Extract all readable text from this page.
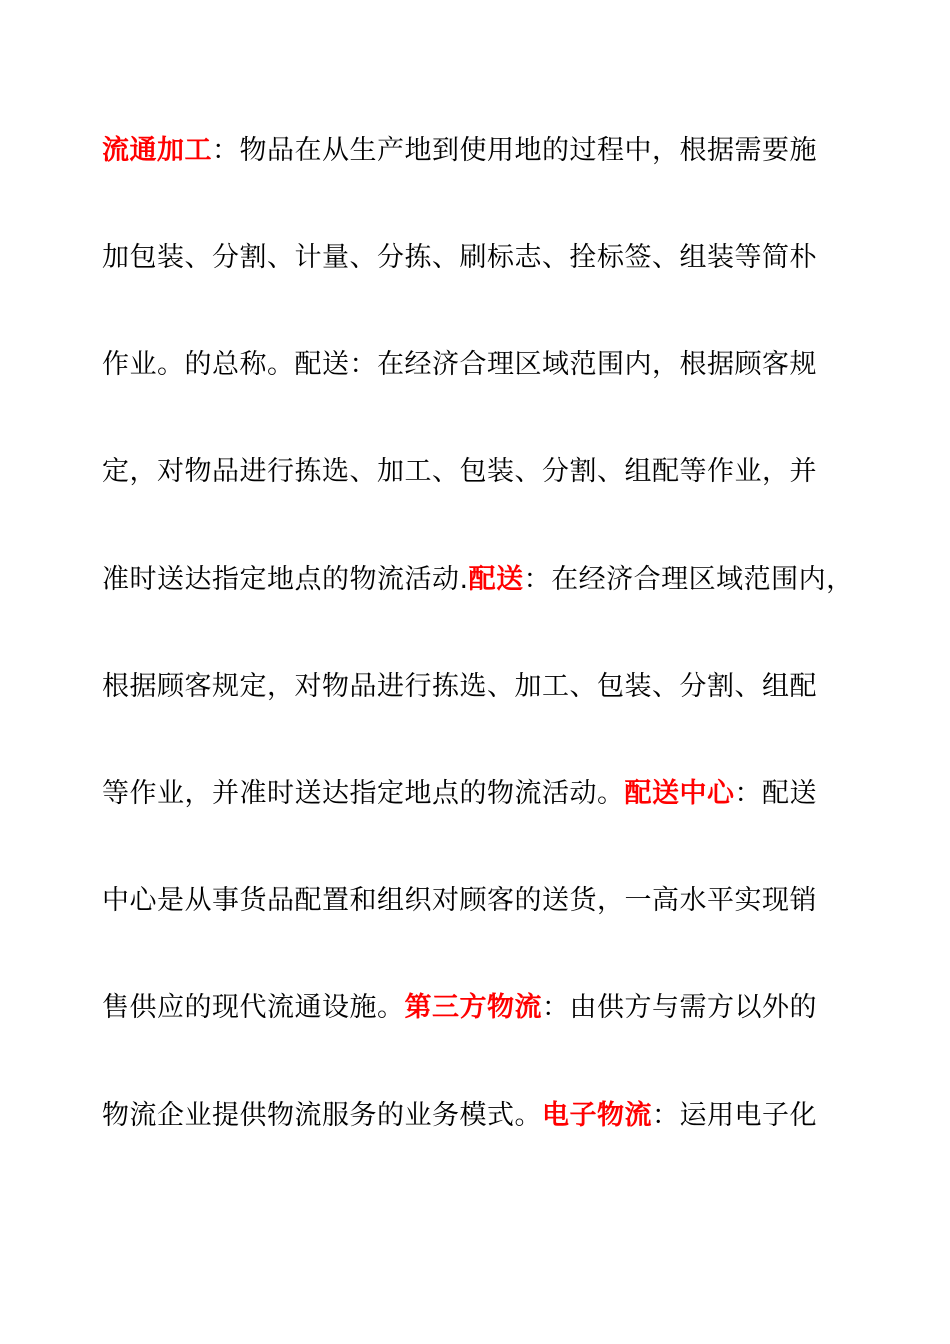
流通加工：物品在从生产地到使用地的过程中，根据需要施
加包装、分割、计量、分拣、刷标志、拴标签、组装等简朴
作业。的总称。配送：在经济合理区域范围内，根据顾客规
定，对物品进行拣选、加工、包装、分割、组配等作业，并
准时送达指定地点的物流活动.配送：在经济合理区域范围内，
根据顾客规定，对物品进行拣选、加工、包装、分割、组配
等作业，并准时送达指定地点的物流活动。配送中心：配送
中心是从事货品配置和组织对顾客的送货，一高水平实现销
售供应的现代流通设施。第三方物流：由供方与需方以外的
物流企业提供物流服务的业务模式。电子物流：运用电子化
